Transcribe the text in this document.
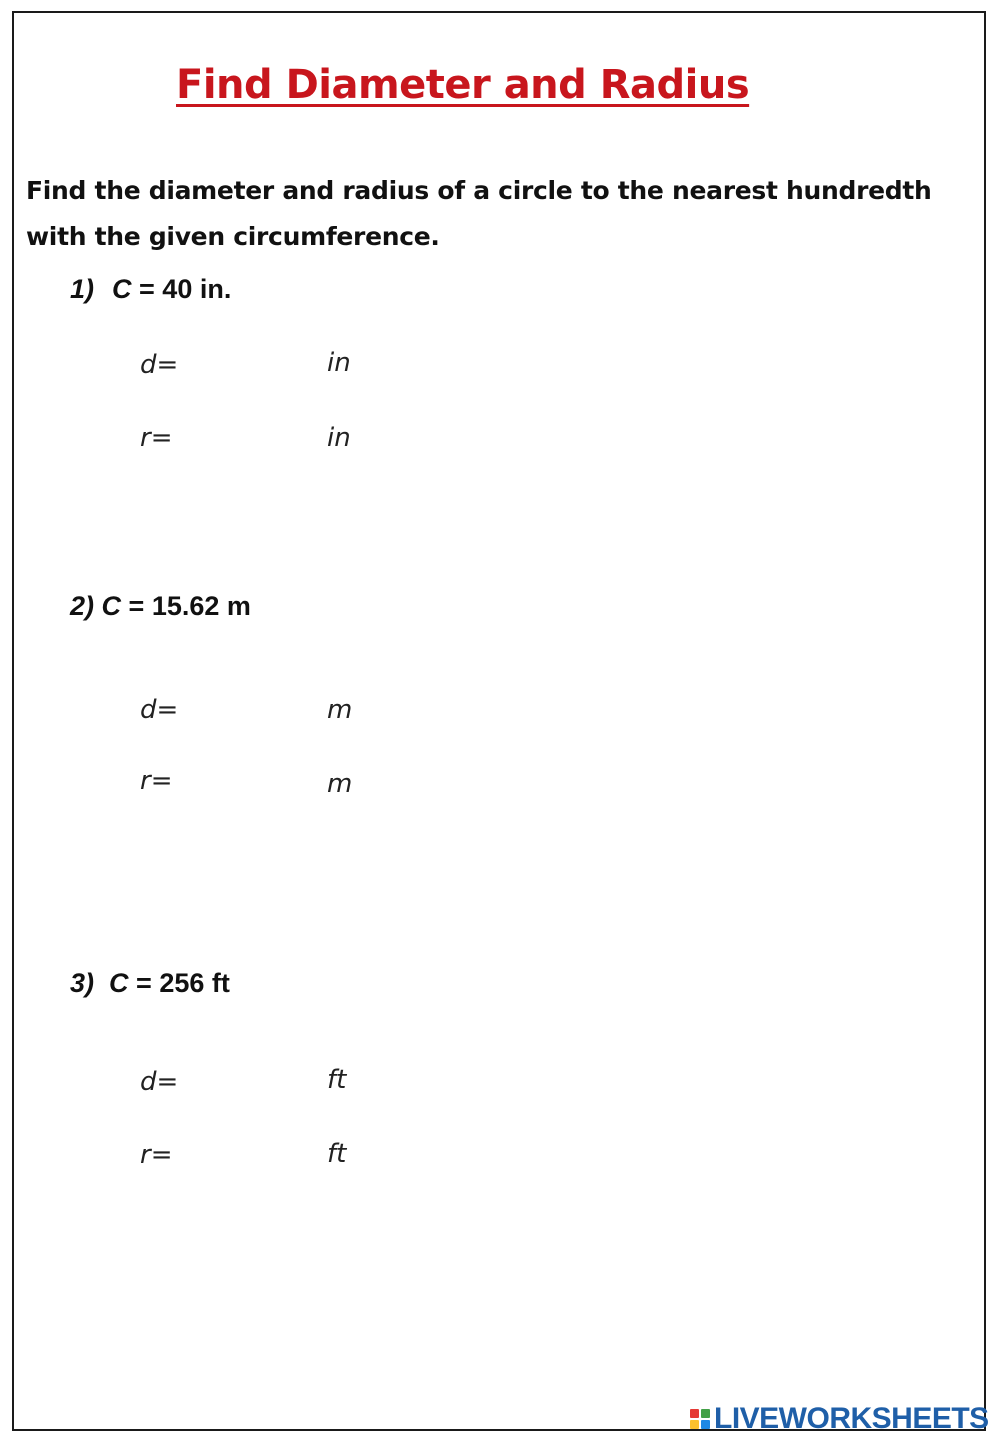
Find Diameter and Radius
Find the diameter and radius of a circle to the nearest hundredth with the given circumference.
1) C = 40 in.
d=	in
r=	in
2) C = 15.62 m
d=	m
r=	m
3) C = 256 ft
d=	ft
r=	ft
LIVEWORKSHEETS
